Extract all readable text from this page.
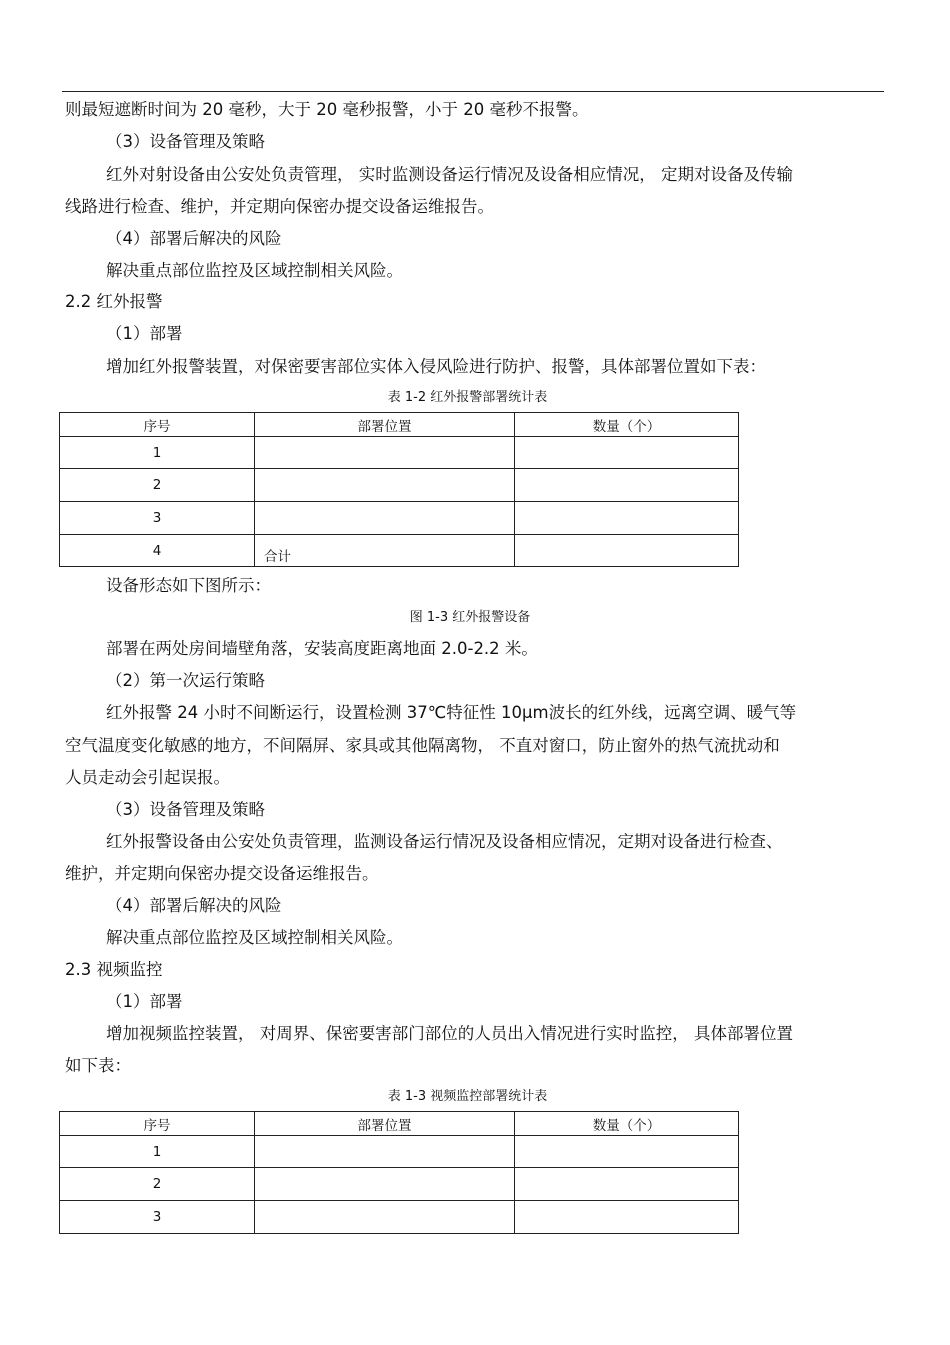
则最短遮断时间为 20 毫秒，大于 20 毫秒报警，小于 20 毫秒不报警。
（3）设备管理及策略
红外对射设备由公安处负责管理， 实时监测设备运行情况及设备相应情况， 定期对设备及传输
线路进行检查、维护，并定期向保密办提交设备运维报告。
（4）部署后解决的风险
解决重点部位监控及区域控制相关风险。
2.2 红外报警
（1）部署
增加红外报警装置，对保密要害部位实体入侵风险进行防护、报警，具体部署位置如下表：
表 1-2 红外报警部署统计表
序号	部署位置	数量（个）
1		
2		
3		
4	合计	
设备形态如下图所示：
图 1-3 红外报警设备
部署在两处房间墙壁角落，安装高度距离地面 2.0-2.2 米。
（2）第一次运行策略
红外报警 24 小时不间断运行，设置检测 37℃特征性 10μm波长的红外线，远离空调、暖气等
空气温度变化敏感的地方，不间隔屏、家具或其他隔离物， 不直对窗口，防止窗外的热气流扰动和
人员走动会引起误报。
（3）设备管理及策略
红外报警设备由公安处负责管理，监测设备运行情况及设备相应情况，定期对设备进行检查、
维护，并定期向保密办提交设备运维报告。
（4）部署后解决的风险
解决重点部位监控及区域控制相关风险。
2.3 视频监控
（1）部署
增加视频监控装置， 对周界、保密要害部门部位的人员出入情况进行实时监控， 具体部署位置
如下表：
表 1-3 视频监控部署统计表
序号	部署位置	数量（个）
1		
2		
3		
